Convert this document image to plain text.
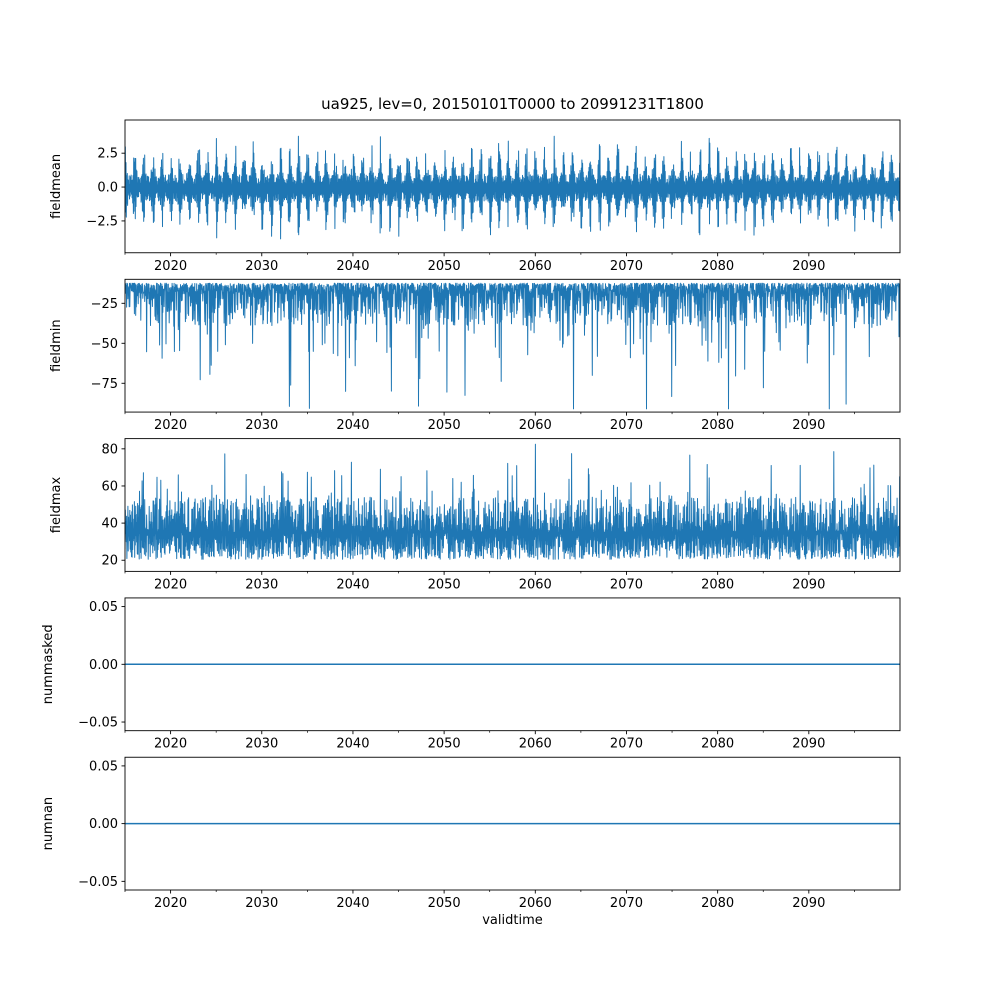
ua925, lev=0, 20150101T0000 to 20991231T1800
2020	2030	2040	2050	2060	2070	2080	2090
2.5
0.0
−2.5
fieldmean
2020	2030	2040	2050	2060	2070	2080	2090
−25
−50
−75
fieldmin
2020	2030	2040	2050	2060	2070	2080	2090
80
60
40
20
fieldmax
2020	2030	2040	2050	2060	2070	2080	2090
0.05
0.00
−0.05
nummasked
2020	2030	2040	2050	2060	2070	2080	2090
0.05
0.00
−0.05
numnan
validtime
